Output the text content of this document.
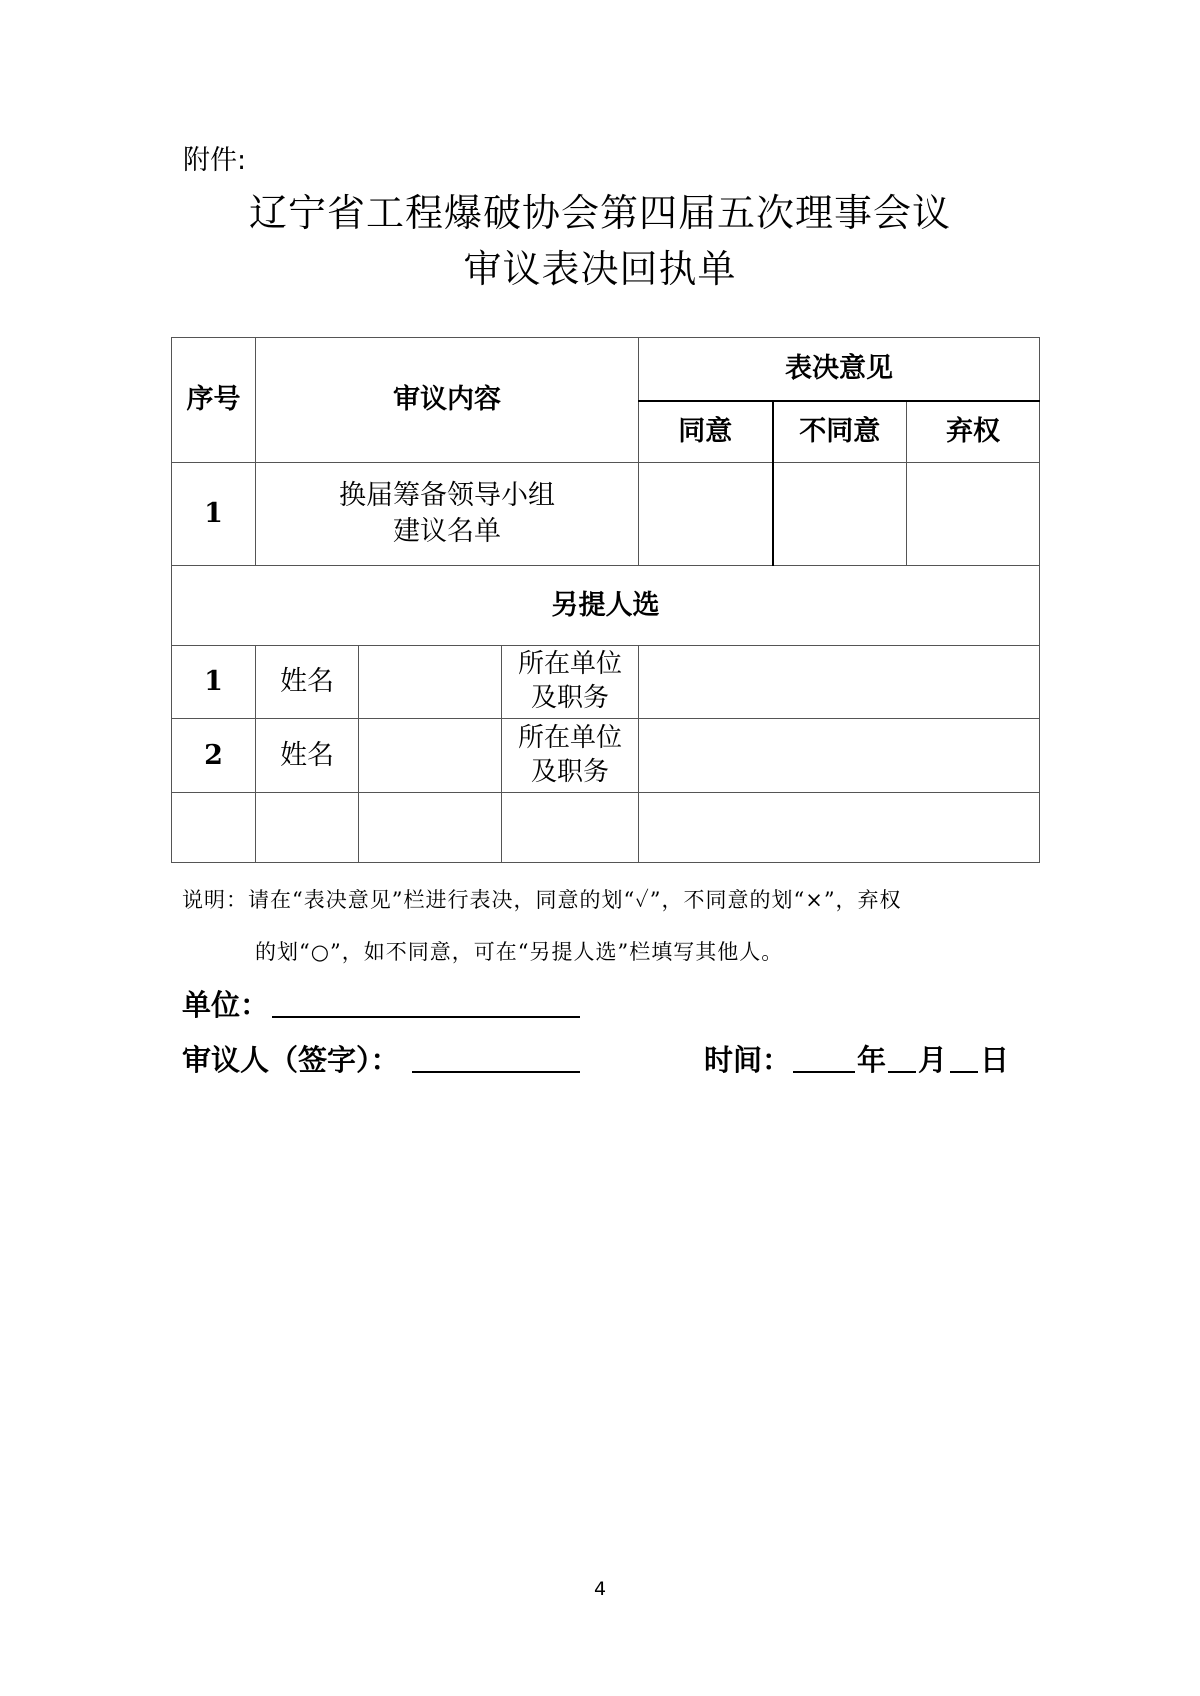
附件:
辽宁省工程爆破协会第四届五次理事会议
审议表决回执单
序号	审议内容			表决意见		
				同意	不同意	弃权
1	换届筹备领导小组
建议名单					

另提人选						
1	姓名		所在单位
及职务			

2	姓名		所在单位
及职务			

说明：请在“表决意见”栏进行表决，同意的划“✓”，不同意的划“×”，弃权
的划“○”，如不同意，可在“另提人选”栏填写其他人。
单位：
审议人（签字）：	时间： 年 月 日
4
